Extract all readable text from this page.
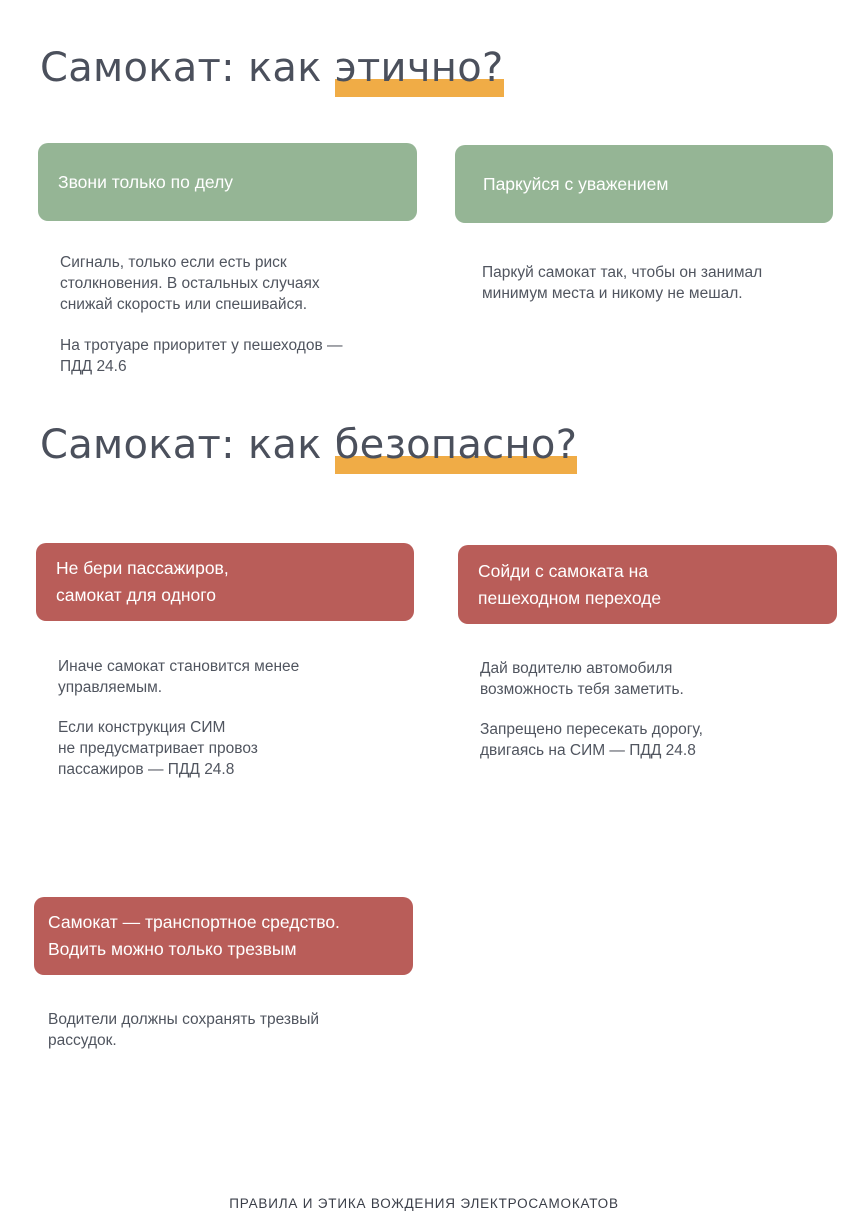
Самокат: как этично?
Звони только по делу

Сигналь, только если есть риск
столкновения. В остальных случаях
снижай скорость или спешивайся.

На тротуаре приоритет у пешеходов —
ПДД 24.6

Паркуйся с уважением

Паркуй самокат так, чтобы он занимал
минимум места и никому не мешал.

Самокат: как безопасно?
Не бери пассажиров,
самокат для одного

Иначе самокат становится менее
управляемым.

Если конструкция СИМ
не предусматривает провоз
пассажиров — ПДД 24.8

Сойди с самоката на
пешеходном переходе

Дай водителю автомобиля
возможность тебя заметить.

Запрещено пересекать дорогу,
двигаясь на СИМ — ПДД 24.8

Самокат — транспортное средство.
Водить можно только трезвым

Водители должны сохранять трезвый
рассудок.

ПРАВИЛА И ЭТИКА ВОЖДЕНИЯ ЭЛЕКТРОСАМОКАТОВ
